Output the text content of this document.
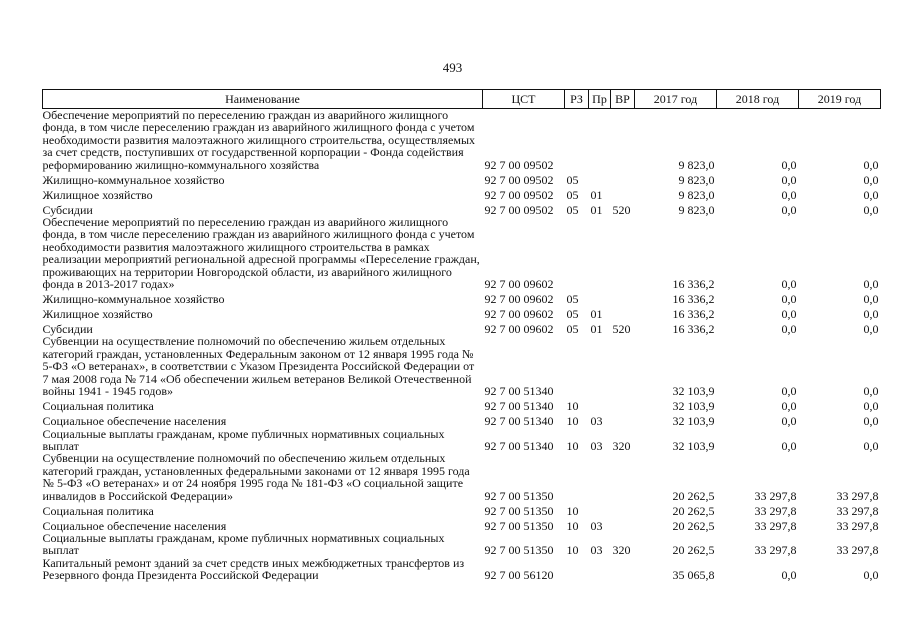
493
Наименование	ЦСТ	РЗ	Пр	ВР	2017 год	2018 год	2019 год
Обеспечение мероприятий по переселению граждан из аварийного жилищного фонда, в том числе переселению граждан из аварийного жилищного фонда с учетом необходимости развития малоэтажного жилищного строительства, осуществляемых за счет средств, поступивших от государственной корпорации - Фонда содействия реформированию жилищно-коммунального хозяйства	92 7 00 09502				9 823,0	0,0	0,0
Жилищно-коммунальное хозяйство	92 7 00 09502	05			9 823,0	0,0	0,0
Жилищное хозяйство	92 7 00 09502	05	01		9 823,0	0,0	0,0
Субсидии	92 7 00 09502	05	01	520	9 823,0	0,0	0,0
Обеспечение мероприятий по переселению граждан из аварийного жилищного фонда, в том числе переселению граждан из аварийного жилищного фонда с учетом необходимости развития малоэтажного жилищного строительства в рамках реализации мероприятий региональной адресной программы «Переселение граждан, проживающих на территории Новгородской области, из аварийного жилищного фонда в 2013-2017 годах»	92 7 00 09602				16 336,2	0,0	0,0
Жилищно-коммунальное хозяйство	92 7 00 09602	05			16 336,2	0,0	0,0
Жилищное хозяйство	92 7 00 09602	05	01		16 336,2	0,0	0,0
Субсидии	92 7 00 09602	05	01	520	16 336,2	0,0	0,0
Субвенции на осуществление полномочий по обеспечению жильем отдельных категорий граждан, установленных Федеральным законом от 12 января 1995 года № 5-ФЗ «О ветеранах», в соответствии с Указом Президента Российской Федерации от 7 мая 2008 года № 714 «Об обеспечении жильем ветеранов Великой Отечественной войны 1941 - 1945 годов»	92 7 00 51340				32 103,9	0,0	0,0
Социальная политика	92 7 00 51340	10			32 103,9	0,0	0,0
Социальное обеспечение населения	92 7 00 51340	10	03		32 103,9	0,0	0,0
Социальные выплаты гражданам, кроме публичных нормативных социальных выплат	92 7 00 51340	10	03	320	32 103,9	0,0	0,0
Субвенции на осуществление полномочий по обеспечению жильем отдельных категорий граждан, установленных федеральными законами от 12 января 1995 года № 5-ФЗ «О ветеранах» и от 24 ноября 1995 года № 181-ФЗ «О социальной защите инвалидов в Российской Федерации»	92 7 00 51350				20 262,5	33 297,8	33 297,8
Социальная политика	92 7 00 51350	10			20 262,5	33 297,8	33 297,8
Социальное обеспечение населения	92 7 00 51350	10	03		20 262,5	33 297,8	33 297,8
Социальные выплаты гражданам, кроме публичных нормативных социальных выплат	92 7 00 51350	10	03	320	20 262,5	33 297,8	33 297,8
Капитальный ремонт зданий за счет средств иных межбюджетных трансфертов из Резервного фонда Президента Российской Федерации	92 7 00 56120				35 065,8	0,0	0,0
